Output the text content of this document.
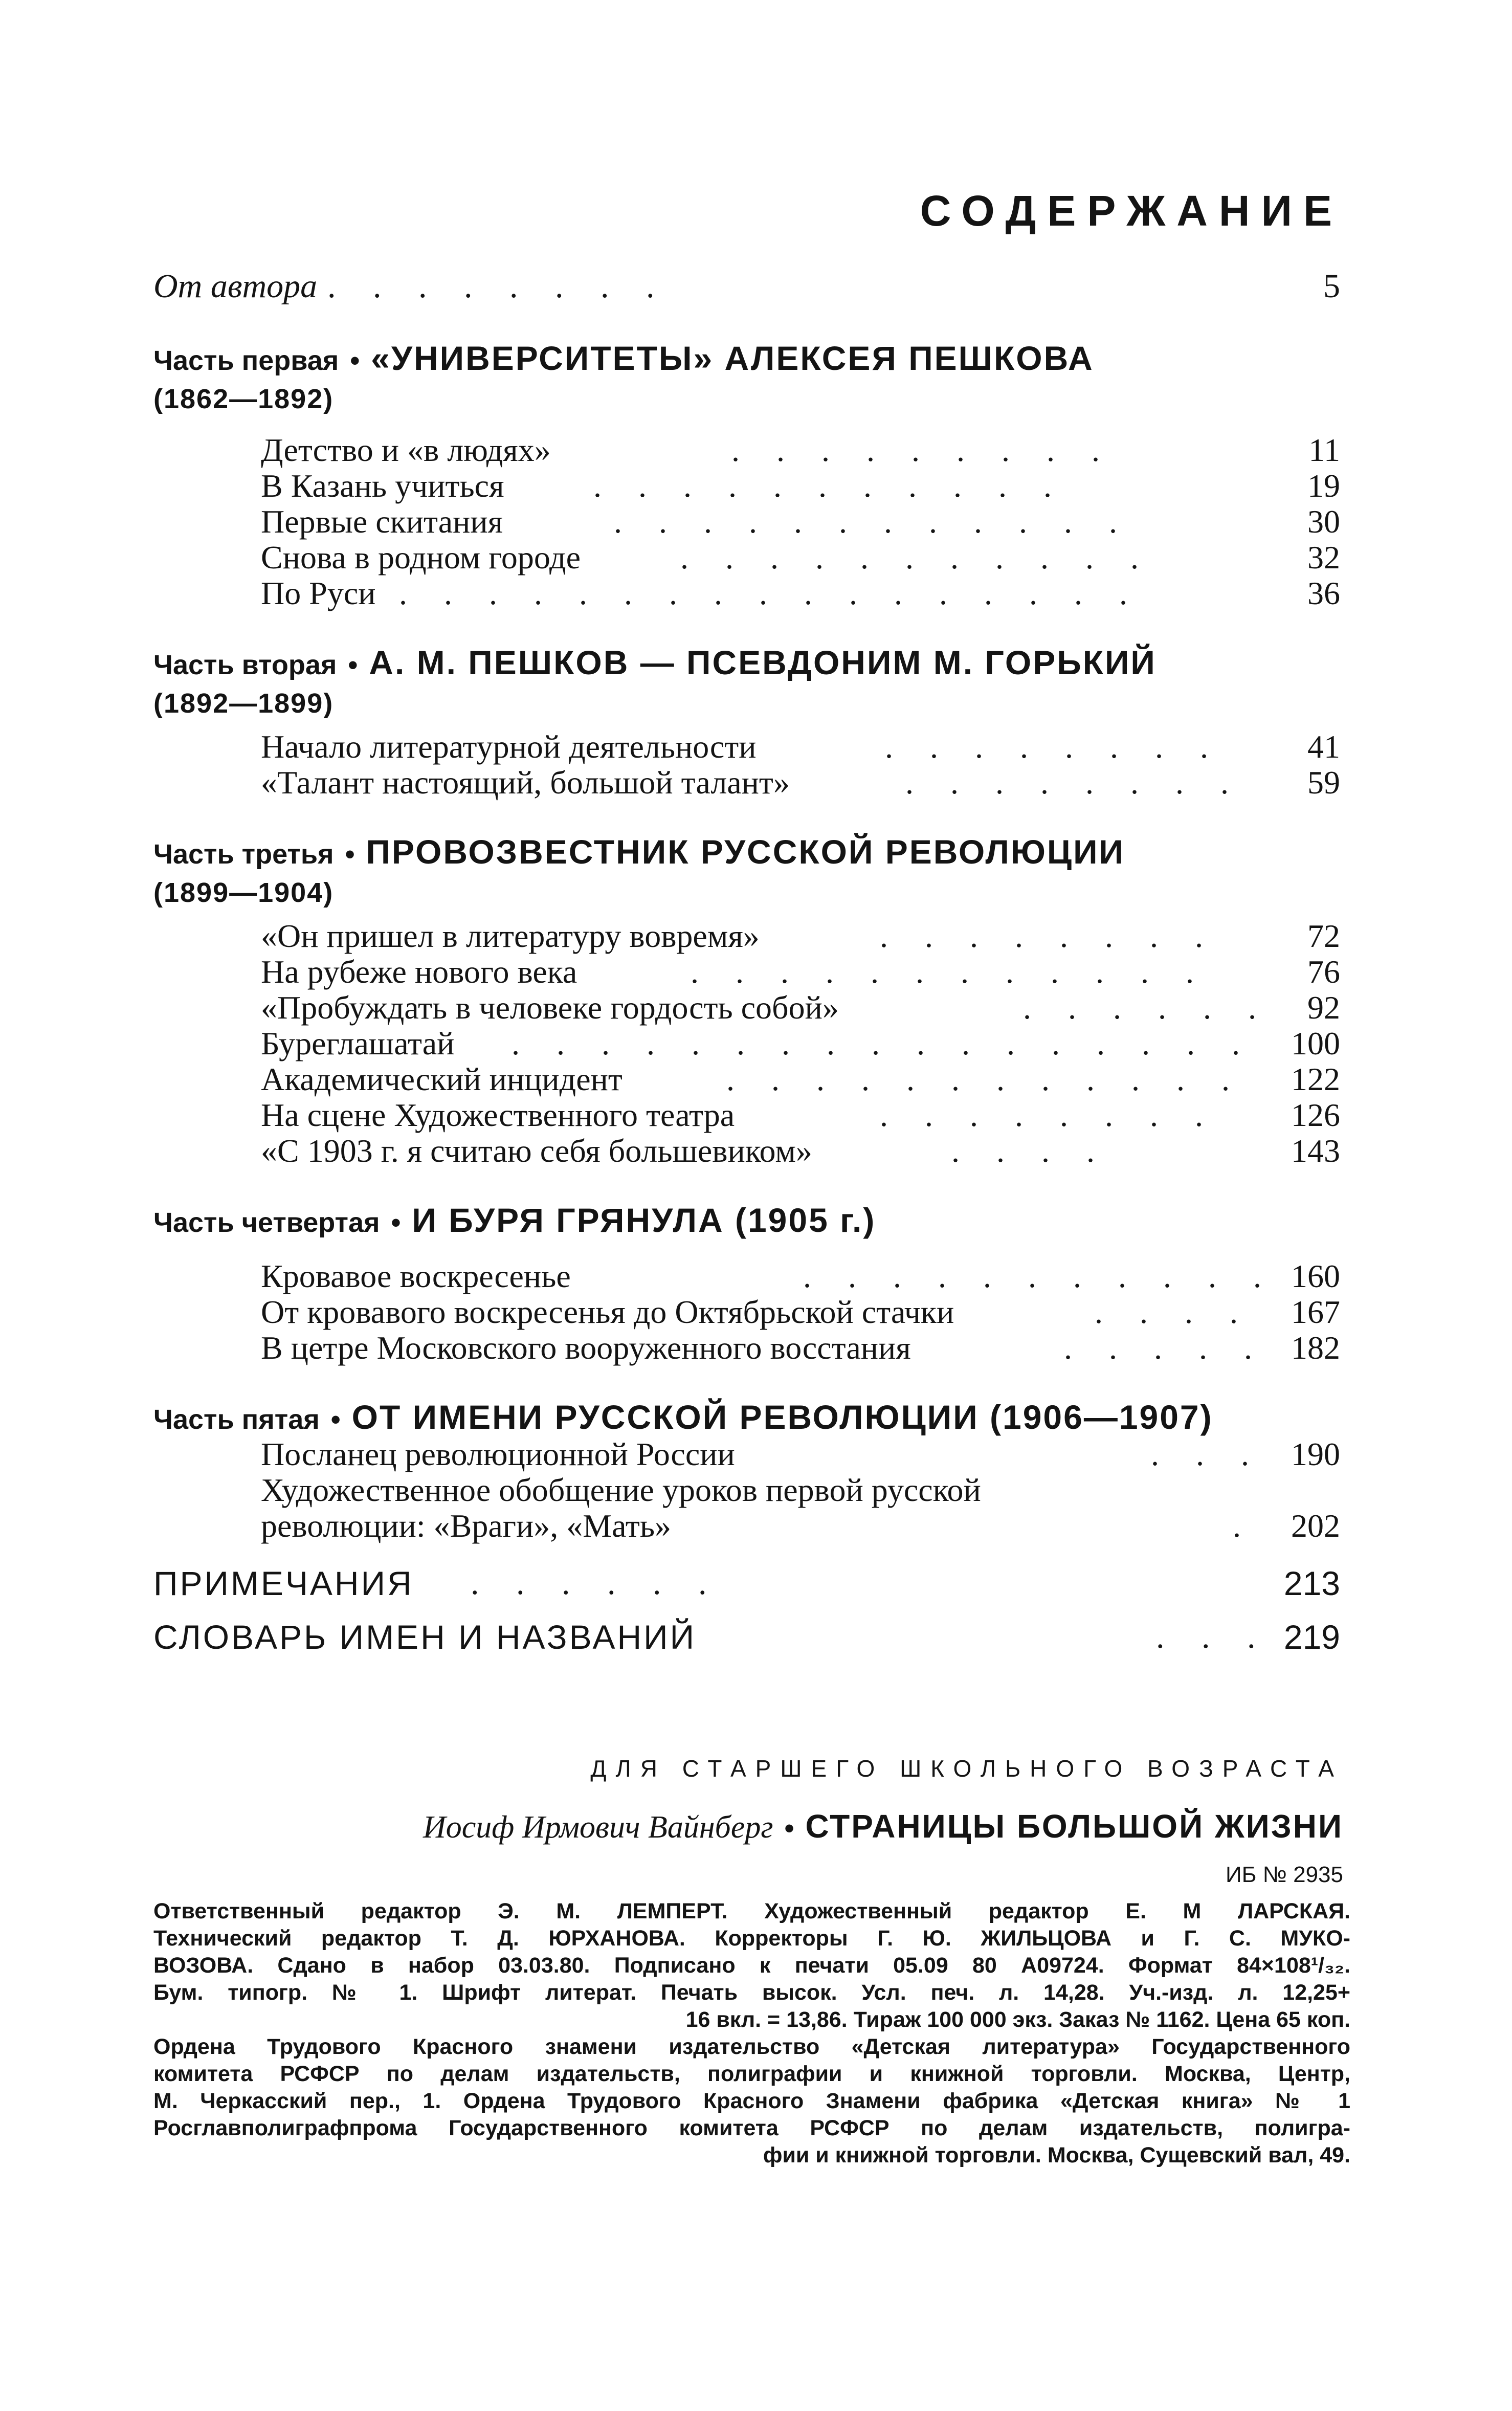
СОДЕРЖАНИЕ
От автора . . . . . . . .	5
Часть первая • «УНИВЕРСИТЕТЫ» АЛЕКСЕЯ ПЕШКОВА
(1862—1892)
Детство и «в людях»	. . . . . . . . .	11
В Казань учиться	. . . . . . . . . . .	19
Первые скитания	. . . . . . . . . . . .	30
Снова в родном городе	. . . . . . . . . . .	32
По Руси . . . . . . . . . . . . . . . . .	36
Часть вторая • А. М. ПЕШКОВ — ПСЕВДОНИМ М. ГОРЬКИЙ
(1892—1899)
Начало литературной деятельности	. . . . . . . .	41
«Талант настоящий, большой талант»	. . . . . . . . 59
Часть третья • ПРОВОЗВЕСТНИК РУССКОЙ РЕВОЛЮЦИИ
(1899—1904)
«Он пришел в литературу вовремя»	. . . . . . . .	72
На рубеже нового века	. . . . . . . . . . . .	76
«Пробуждать в человеке гордость собой»	. . . . . . 92
Буреглашатай . . . . . . . . . . . . . . . . . 100
Академический инцидент	. . . . . . . . . . . . 122
На сцене Художественного театра	. . . . . . . . 126
«С 1903 г. я считаю себя большевиком»	. . . .	143
Часть четвертая • И БУРЯ ГРЯНУЛА (1905 г.)
Кровавое воскресенье	. . . . . . . . . . . 160
От кровавого воскресенья до Октябрьской стачки	. . . . 167
В цетре Московского вооруженного восстания	. . . . . 182
Часть пятая • ОТ ИМЕНИ РУССКОЙ РЕВОЛЮЦИИ (1906—1907)
Посланец революционной России	. . . 190
Художественное обобщение уроков первой русской
революции: «Враги», «Мать»	. 202
ПРИМЕЧАНИЯ . . . . . .	213
СЛОВАРЬ ИМЕН И НАЗВАНИЙ	. . . 219
ДЛЯ СТАРШЕГО ШКОЛЬНОГО ВОЗРАСТА
Иосиф Ирмович Вайнберг • СТРАНИЦЫ БОЛЬШОЙ ЖИЗНИ
ИБ № 2935
Ответственный редактор Э. М. ЛЕМПЕРТ. Художественный редактор Е. М ЛАРСКАЯ.
Технический редактор Т. Д. ЮРХАНОВА. Корректоры Г. Ю. ЖИЛЬЦОВА и Г. С. МУКО-
ВОЗОВА. Сдано в набор 03.03.80. Подписано к печати 05.09 80 А09724. Формат 84×108¹/₃₂.
Бум. типогр. № 1. Шрифт литерат. Печать высок. Усл. печ. л. 14,28. Уч.-изд. л. 12,25+
16 вкл. = 13,86. Тираж 100 000 экз. Заказ № 1162. Цена 65 коп.
Ордена Трудового Красного знамени издательство «Детская литература» Государственного
комитета РСФСР по делам издательств, полиграфии и книжной торговли. Москва, Центр,
М. Черкасский пер., 1. Ордена Трудового Красного Знамени фабрика «Детская книга» № 1
Росглавполиграфпрома Государственного комитета РСФСР по делам издательств, полигра-
фии и книжной торговли. Москва, Сущевский вал, 49.
